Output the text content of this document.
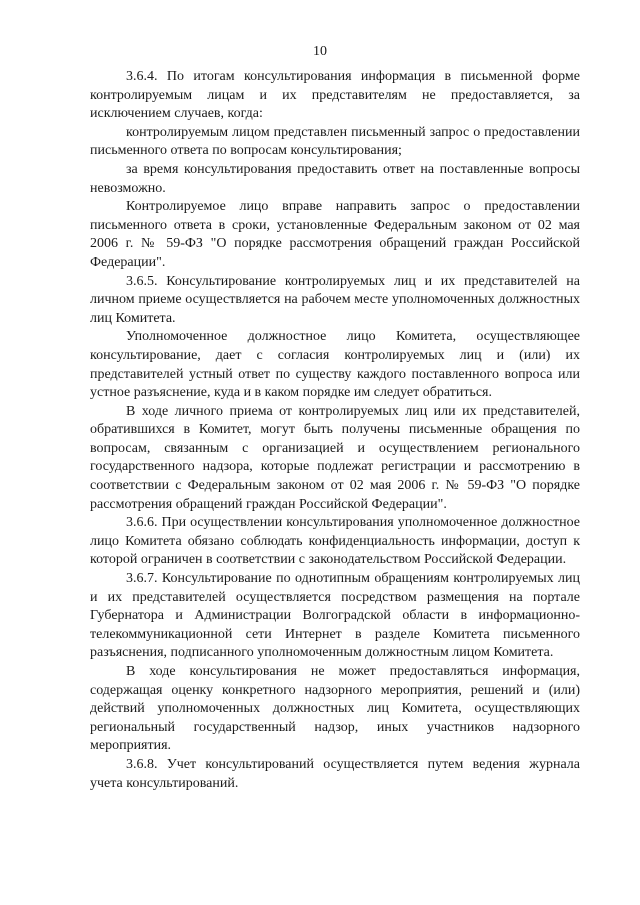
10

3.6.4. По итогам консультирования информация в письменной форме контролируемым лицам и их представителям не предоставляется, за исключением случаев, когда:

контролируемым лицом представлен письменный запрос о предоставлении письменного ответа по вопросам консультирования;

за время консультирования предоставить ответ на поставленные вопросы невозможно.

Контролируемое лицо вправе направить запрос о предоставлении письменного ответа в сроки, установленные Федеральным законом от 02 мая 2006 г. № 59-ФЗ "О порядке рассмотрения обращений граждан Российской Федерации".

3.6.5. Консультирование контролируемых лиц и их представителей на личном приеме осуществляется на рабочем месте уполномоченных должностных лиц Комитета.

Уполномоченное должностное лицо Комитета, осуществляющее консультирование, дает с согласия контролируемых лиц и (или) их представителей устный ответ по существу каждого поставленного вопроса или устное разъяснение, куда и в каком порядке им следует обратиться.

В ходе личного приема от контролируемых лиц или их представителей, обратившихся в Комитет, могут быть получены письменные обращения по вопросам, связанным с организацией и осуществлением регионального государственного надзора, которые подлежат регистрации и рассмотрению в соответствии с Федеральным законом от 02 мая 2006 г. № 59-ФЗ "О порядке рассмотрения обращений граждан Российской Федерации".

3.6.6. При осуществлении консультирования уполномоченное должностное лицо Комитета обязано соблюдать конфиденциальность информации, доступ к которой ограничен в соответствии с законодательством Российской Федерации.

3.6.7. Консультирование по однотипным обращениям контролируемых лиц и их представителей осуществляется посредством размещения на портале Губернатора и Администрации Волгоградской области в информационно-телекоммуникационной сети Интернет в разделе Комитета письменного разъяснения, подписанного уполномоченным должностным лицом Комитета.

В ходе консультирования не может предоставляться информация, содержащая оценку конкретного надзорного мероприятия, решений и (или) действий уполномоченных должностных лиц Комитета, осуществляющих региональный государственный надзор, иных участников надзорного мероприятия.

3.6.8. Учет консультирований осуществляется путем ведения журнала учета консультирований.
